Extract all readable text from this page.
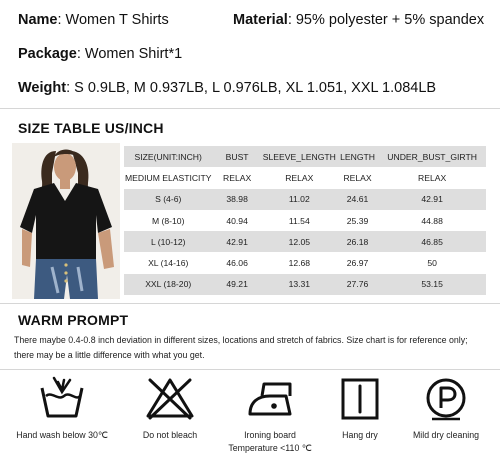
Name: Women T Shirts	Material: 95% polyester + 5% spandex
Package: Women Shirt*1
Weight: S 0.9LB, M 0.937LB, L 0.976LB, XL 1.051, XXL 1.084LB
SIZE TABLE US/INCH
SIZE(UNIT:INCH)	BUST	SLEEVE_LENGTH	LENGTH	UNDER_BUST_GIRTH
MEDIUM ELASTICITY	RELAX	RELAX	RELAX	RELAX
S (4-6)	38.98	11.02	24.61	42.91
M (8-10)	40.94	11.54	25.39	44.88
L (10-12)	42.91	12.05	26.18	46.85
XL (14-16)	46.06	12.68	26.97	50
XXL (18-20)	49.21	13.31	27.76	53.15
WARM PROMPT
There maybe 0.4-0.8 inch deviation in different sizes, locations and stretch of fabrics. Size chart is for reference only;
there may be a little difference with what you get.
Hand wash below 30℃	Do not bleach	Ironing board
Temperature <110 ℃
Hang dry	Mild dry cleaning
